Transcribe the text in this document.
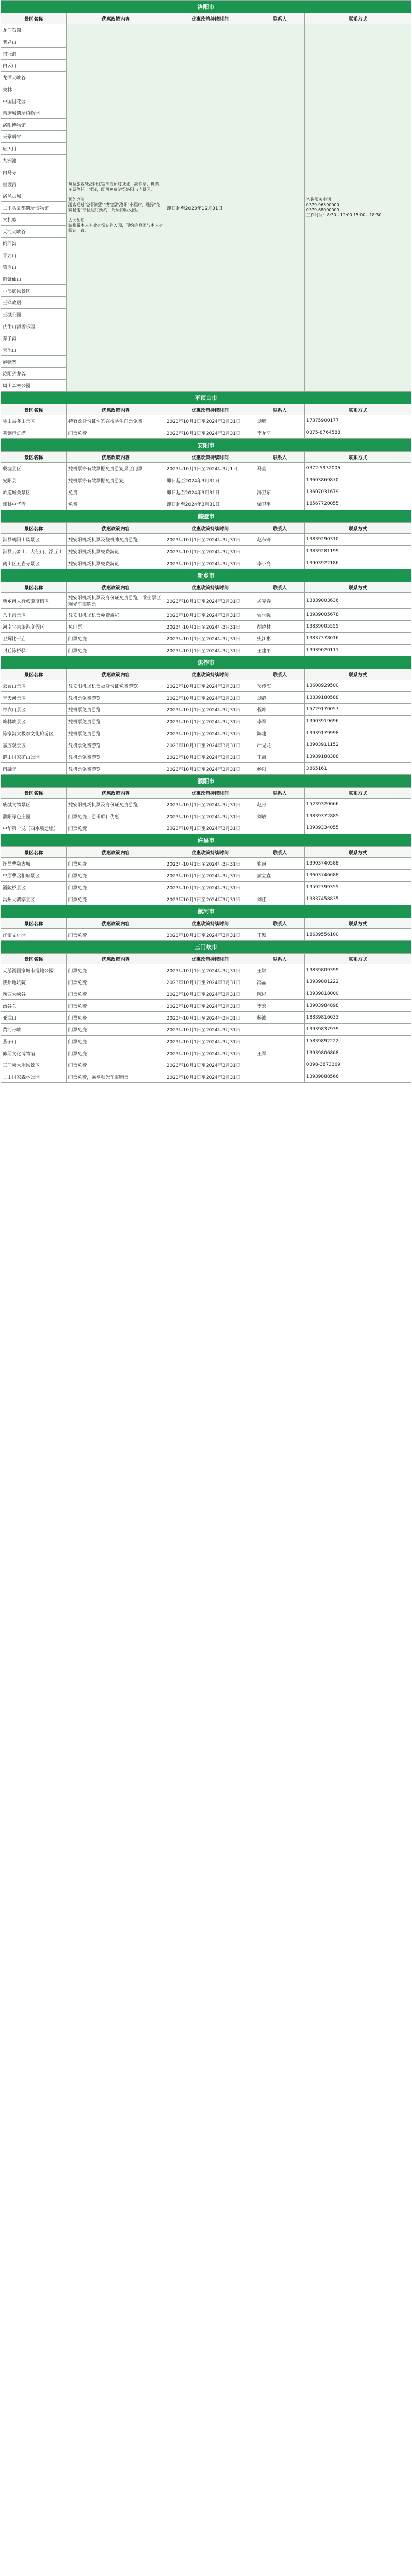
洛阳市				
景区名称	优惠政策内容	优惠政策持续时间	联系人	联系方式
龙门石窟	每位旅客凭洛阳住宿酒店预订凭证、高铁票、机票、车票等任一凭证，即可免费游览洛阳市内景区。

预约办法
游客通过"洛阳旅游"或"惠游洛阳"小程序，选择"免费畅游"专区进行预约，凭预约码入园。

入园须知
请携带本人有效身份证件入园，预约信息须与本人身份证一致。	即日起至2023年12月31日		咨询服务电话：
0379-96590000
0379-68000009
工作时间：8:30—12:00 15:00—18:30
老君山				
鸡冠洞				
白云山				
龙潭大峡谷				
关林				
中国国花园				
隋唐城遗址植物园				
洛阳博物馆				
天堂明堂				
应天门				
九洲池				
白马寺				
重渡沟				
洛邑古城				
二里头夏都遗址博物馆				
木札岭				
天河大峡谷				
倒回沟				
青要山				
黛眉山				
荆紫仙山				
小浪底风景区				
王铎故居				
王城公园				
伏牛山滑雪乐园				
养子沟				
天池山				
抱犊寨				
汝阳恐龙谷				
周山森林公园				
平顶山市				
景区名称	优惠政策内容	优惠政策持续时间	联系人	联系方式
鲁山县尧山景区	持有效身份证件的在校学生门票免费	2023年10月1日至2024年3月31日	刘鹏	17375900177
舞钢市灯塔	门票免费	2023年10月1日至2024年3月31日	李龙河	0375-8764588
安阳市				
景区名称	优惠政策内容	优惠政策持续时间	联系人	联系方式
殷墟景区	凭机票等有效票据免费游览景区门票	2023年10月1日至2024年3月1日	马鑫	0372-5932006
安阳县	凭机票等有效票据免费游览	即日起至2024年3月31日		13603869870
岭道城关景区	免费	即日起至2024年3月31日	冯卫东	13607031679
郏县中华寺	免费	即日起至2024年3月31日	梁卫平	18567720055
鹤壁市				
景区名称	优惠政策内容	优惠政策持续时间	联系人	联系方式
淇县朝阳山风景区	凭安阳机场机票及登机牌免费游览	2023年10月1日至2024年3月31日	赵东锋	13839290310
淇县云梦山、大伾山、浮丘山	凭安阳机场机票免费游览	2023年10月1日至2024年3月31日		13839281199
鹤山区五岩寺景区	凭安阳机场机票免费游览	2023年10月1日至2024年3月31日	李小亮	13903922186
新乡市				
景区名称	优惠政策内容	优惠政策持续时间	联系人	联系方式
新乡南太行旅游度假区	凭安阳机场机票及身份证免费游览，乘坐景区观光车需购票	2023年10月1日至2024年3月31日	孟宪春	13839003636
八里沟景区	凭安阳机场机票免费游览	2023年10月1日至2024年3月31日	贾世强	13939005678
河南宝泉旅游度假区	免门票	2023年10月1日至2024年3月31日	胡晓林	13839005555
卫辉比干庙	门票免费	2023年10月1日至2024年3月31日	史江彬	13837378016
封丘陈桥驿	门票免费	2023年10月1日至2024年3月31日	王建平	13939020111
焦作市				
景区名称	优惠政策内容	优惠政策持续时间	联系人	联系方式
云台山景区	凭安阳机场机票及身份证免费游览	2023年10月1日至2024年3月31日	吴传海	13608929500
青天河景区	凭机票免费游览	2023年10月1日至2024年3月31日	刘静	13839180588
神农山景区	凭机票免费游览	2023年10月1日至2024年3月31日	程坤	15729170057
峰林峡景区	凭机票免费游览	2023年10月1日至2024年3月31日	李军	13903919696
陈家沟太极拳文化旅游区	凭机票免费游览	2023年10月1日至2024年3月31日	陈建	13939179998
嘉应观景区	凭机票免费游览	2023年10月1日至2024年3月31日	严见龙	13903911152
缝山国家矿山公园	凭机票免费游览	2023年10月1日至2024年3月31日	王海	13939188388
圆融寺	凭机票免费游览	2023年10月1日至2024年3月31日	杨阳	3865161
濮阳市				
景区名称	优惠政策内容	优惠政策持续时间	联系人	联系方式
戚城文物景区	凭安阳机场机票及身份证免费游览	2023年10月1日至2024年3月31日	赵丹	15239320666
濮阳绿色庄园	门票免费，游乐项目优惠	2023年10月1日至2024年3月31日	刘敏	13839372885
中华第一龙（西水坡遗址）	门票免费	2023年10月1日至2024年3月31日		13939334055
许昌市				
景区名称	优惠政策内容	优惠政策持续时间	联系人	联系方式
许昌曹魏古城	门票免费	2023年10月1日至2024年3月31日	崔盼	13903740588
中原曹丞相府景区	门票免费	2023年10月1日至2024年3月31日	黄立鑫	13603746688
灞陵桥景区	门票免费	2023年10月1日至2024年3月31日		13592399355
禹州大鸿寨景区	门票免费	2023年10月1日至2024年3月31日	刘佳	13837458835
漯河市				
景区名称	优惠政策内容	优惠政策持续时间	联系人	联系方式
许慎文化园	门票免费	2023年10月1日至2024年3月31日	王颖	18639556100
三门峡市				
景区名称	优惠政策内容	优惠政策持续时间	联系人	联系方式
天鹅湖国家城市湿地公园	门票免费	2023年10月1日至2024年3月31日	王颖	13839809399
陕州地坑院	门票免费	2023年10月1日至2024年3月31日	冯晶	13939801222
豫西大峡谷	门票免费	2023年10月1日至2024年3月31日	陈彬	13939818000
函谷关	门票免费	2023年10月1日至2024年3月31日	李宏	13903984898
亚武山	门票免费	2023年10月1日至2024年3月31日	杨波	18839816633
黄河丹峡	门票免费	2023年10月1日至2024年3月31日		13939837939
燕子山	门票免费	2023年10月1日至2024年3月31日		15839892222
仰韶文化博物馆	门票免费	2023年10月1日至2024年3月31日	王军	13939806868
三门峡大坝风景区	门票免费	2023年10月1日至2024年3月31日		0398-3873369
甘山国家森林公园	门票免费，乘坐观光车需购票	2023年10月1日至2024年3月31日		13939888566
